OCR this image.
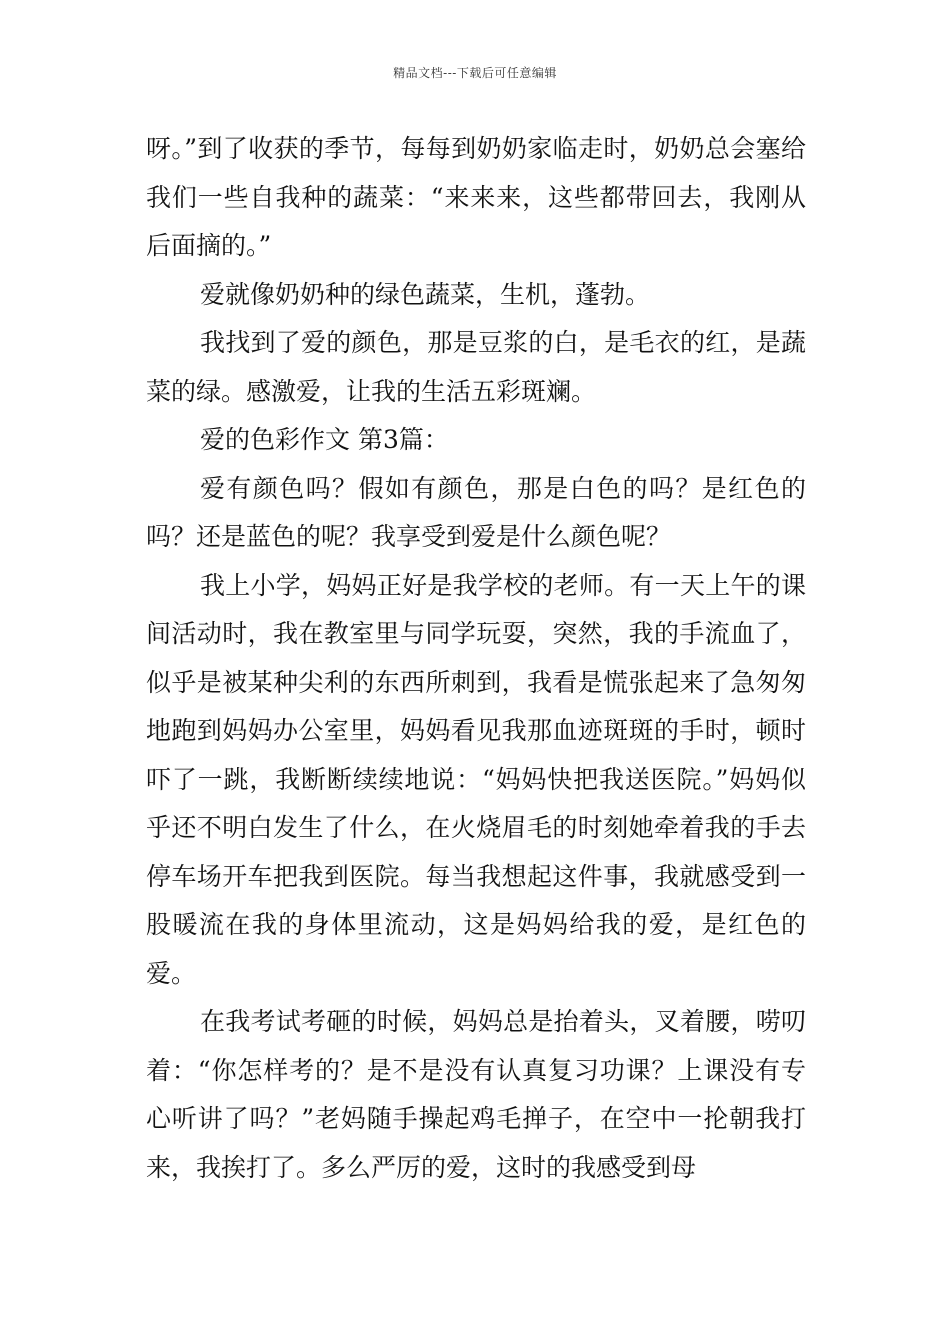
精品文档---下载后可任意编辑

呀。”到了收获的季节，每每到奶奶家临走时，奶奶总会塞给我们一些自我种的蔬菜：“来来来，这些都带回去，我刚从后面摘的。”

爱就像奶奶种的绿色蔬菜，生机，蓬勃。

我找到了爱的颜色，那是豆浆的白，是毛衣的红，是蔬菜的绿。感激爱，让我的生活五彩斑斓。

爱的色彩作文 第3篇：

爱有颜色吗？假如有颜色，那是白色的吗？是红色的吗？还是蓝色的呢？我享受到爱是什么颜色呢？

我上小学，妈妈正好是我学校的老师。有一天上午的课间活动时，我在教室里与同学玩耍，突然，我的手流血了，似乎是被某种尖利的东西所刺到，我看是慌张起来了急匆匆地跑到妈妈办公室里，妈妈看见我那血迹斑斑的手时，顿时吓了一跳，我断断续续地说：“妈妈快把我送医院。”妈妈似乎还不明白发生了什么，在火烧眉毛的时刻她牵着我的手去停车场开车把我到医院。每当我想起这件事，我就感受到一股暖流在我的身体里流动，这是妈妈给我的爱，是红色的爱。

在我考试考砸的时候，妈妈总是抬着头，叉着腰，唠叨着：“你怎样考的？是不是没有认真复习功课？上课没有专心听讲了吗？”老妈随手操起鸡毛掸子，在空中一抡朝我打来，我挨打了。多么严厉的爱，这时的我感受到母
